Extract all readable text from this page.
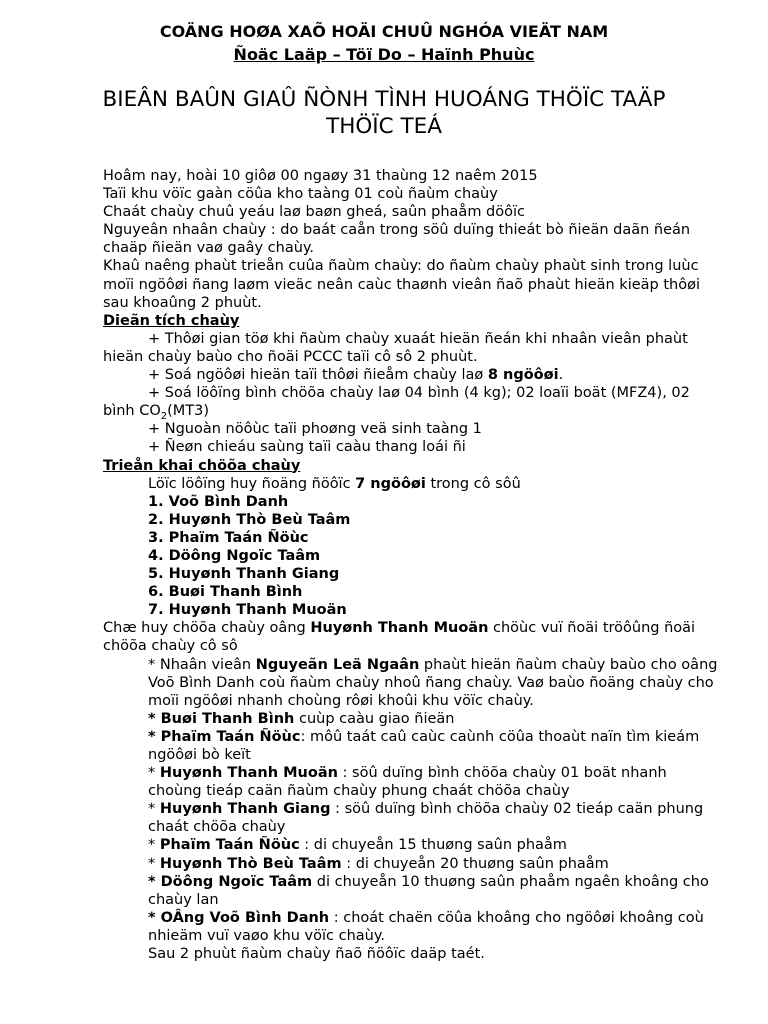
COÄNG HOØA XAÕ HOÄI CHUÛ NGHÓA VIEÄT NAM
Ñoäc Laäp – Töï Do – Haïnh Phuùc
BIEÂN BAÛN GIAÛ ÑÒNH TÌNH HUOÁNG THÖÏC TAÄP
THÖÏC TEÁ

Hoâm nay, hoài 10 giôø 00 ngaøy 31 thaùng 12 naêm 2015

Taïi khu vöïc gaàn cöûa kho taàng 01 coù ñaùm chaùy

Chaát chaùy chuû yeáu laø baøn gheá, saûn phaåm döôïc

Nguyeân nhaân chaùy : do baát caån trong söû duïng thieát bò ñieän daãn ñeán chaäp ñieän vaø gaây chaùy.

Khaû naêng phaùt trieån cuûa ñaùm chaùy: do ñaùm chaùy phaùt sinh trong luùc moïi ngöôøi ñang laøm vieäc neân caùc thaønh vieân ñaõ phaùt hieän kieäp thôøi sau khoaûng 2 phuùt.

Dieãn tích chaùy

+ Thôøi gian töø khi ñaùm chaùy xuaát hieän ñeán khi nhaân vieân phaùt hieän chaùy baùo cho ñoäi PCCC taïi cô sô 2 phuùt.

+ Soá ngöôøi hieän taïi thôøi ñieåm chaùy laø 8 ngöôøi.

+ Soá löôïng bình chöõa chaùy laø 04 bình (4 kg); 02 loaïi boät (MFZ4), 02 bình $CO_2(MT3)$

+ Nguoàn nöôùc taïi phoøng veä sinh taàng 1

+ Ñeøn chieáu saùng taïi caàu thang loái ñi

Trieån khai chöõa chaùy

Löïc löôïng huy ñoäng ñöôïc 7 ngöôøi trong cô sôû

1. Voõ Bình Danh

2. Huyønh Thò Beù Taâm

3. Phaïm Taán Ñöùc

4. Döông Ngoïc Taâm

5. Huyønh Thanh Giang

6. Buøi Thanh Bình

7. Huyønh Thanh Muoän

Chæ huy chöõa chaùy oâng Huyønh Thanh Muoän chöùc vuï ñoäi tröôûng ñoäi chöõa chaùy cô sô

* Nhaân vieân Nguyeãn Leä Ngaân phaùt hieän ñaùm chaùy baùo cho oâng Voõ Bình Danh coù ñaùm chaùy nhoû ñang chaùy. Vaø baùo ñoäng chaùy cho moïi ngöôøi nhanh choùng rôøi khoûi khu vöïc chaùy.

* Buøi Thanh Bình cuùp caàu giao ñieän

* Phaïm Taán Ñöùc: môû taát caû caùc caùnh cöûa thoaùt naïn tìm kieám ngöôøi bò keït

* Huyønh Thanh Muoän : söû duïng bình chöõa chaùy 01 boät nhanh choùng tieáp caän ñaùm chaùy phung chaát chöõa chaùy

* Huyønh Thanh Giang : söû duïng bình chöõa chaùy 02 tieáp caän phung chaát chöõa chaùy

* Phaïm Taán Ñöùc : di chuyeån 15 thuøng saûn phaåm

* Huyønh Thò Beù Taâm : di chuyeån 20 thuøng saûn phaåm

* Döông Ngoïc Taâm di chuyeån 10 thuøng saûn phaåm ngaên khoâng cho chaùy lan

* OÂng Voõ Bình Danh : choát chaën cöûa khoâng cho ngöôøi khoâng coù nhieäm vuï vaøo khu vöïc chaùy.

Sau 2 phuùt ñaùm chaùy ñaõ ñöôïc daäp taét.
